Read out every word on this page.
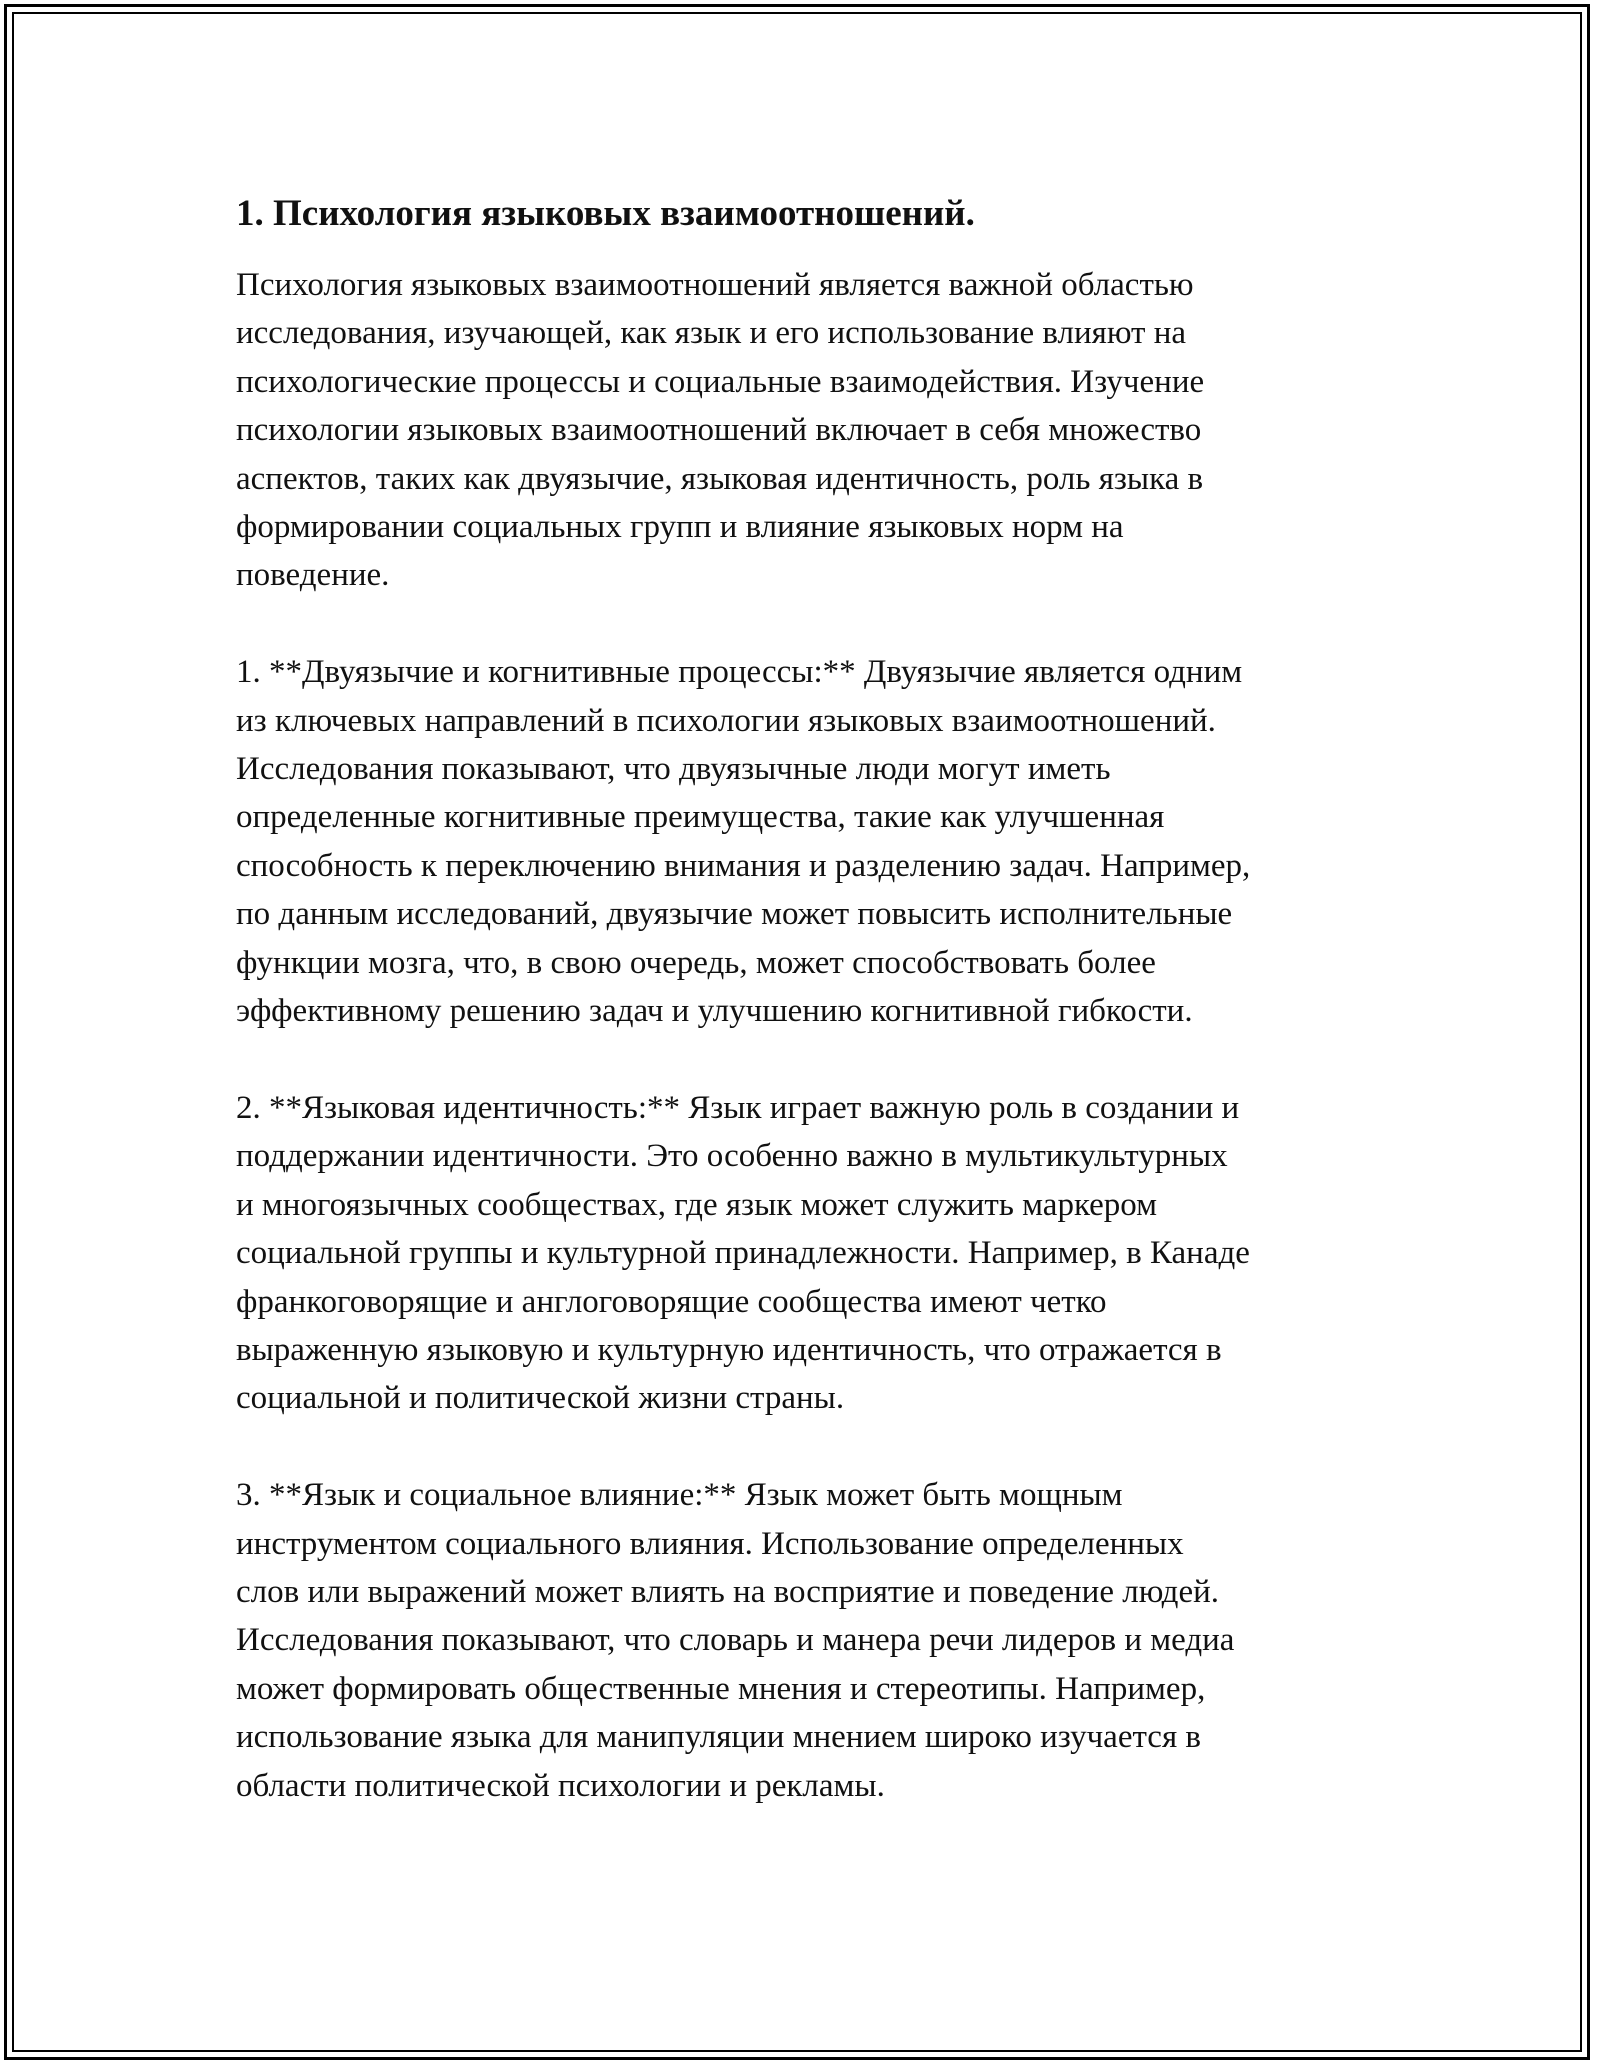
1. Психология языковых взаимоотношений.
Психология языковых взаимоотношений является важной областью
исследования, изучающей, как язык и его использование влияют на
психологические процессы и социальные взаимодействия. Изучение
психологии языковых взаимоотношений включает в себя множество
аспектов, таких как двуязычие, языковая идентичность, роль языка в
формировании социальных групп и влияние языковых норм на
поведение.
1. **Двуязычие и когнитивные процессы:** Двуязычие является одним
из ключевых направлений в психологии языковых взаимоотношений.
Исследования показывают, что двуязычные люди могут иметь
определенные когнитивные преимущества, такие как улучшенная
способность к переключению внимания и разделению задач. Например,
по данным исследований, двуязычие может повысить исполнительные
функции мозга, что, в свою очередь, может способствовать более
эффективному решению задач и улучшению когнитивной гибкости.
2. **Языковая идентичность:** Язык играет важную роль в создании и
поддержании идентичности. Это особенно важно в мультикультурных
и многоязычных сообществах, где язык может служить маркером
социальной группы и культурной принадлежности. Например, в Канаде
франкоговорящие и англоговорящие сообщества имеют четко
выраженную языковую и культурную идентичность, что отражается в
социальной и политической жизни страны.
3. **Язык и социальное влияние:** Язык может быть мощным
инструментом социального влияния. Использование определенных
слов или выражений может влиять на восприятие и поведение людей.
Исследования показывают, что словарь и манера речи лидеров и медиа
может формировать общественные мнения и стереотипы. Например,
использование языка для манипуляции мнением широко изучается в
области политической психологии и рекламы.
